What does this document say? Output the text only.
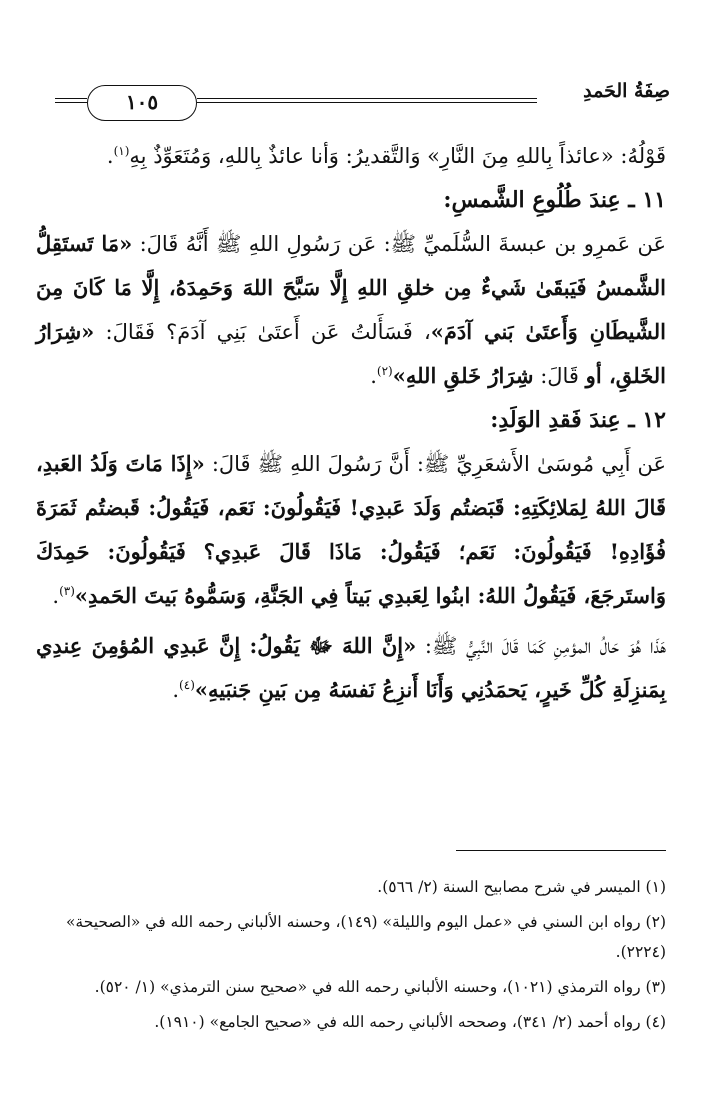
١٠٥	صِفَةُ الحَمدِ

قَوْلُهُ: «عائذاً بِاللهِ مِنَ النَّارِ» وَالتَّقديرُ: وَأنا عائذٌ بِاللهِ، وَمُتَعَوِّذٌ بِهِ$^{(١)}$.

١١ ـ عِندَ طُلُوعِ الشَّمسِ:

عَن عَمرِو بن عبسةَ السُّلَميِّ ﷺ: عَن رَسُولِ اللهِ ﷺ أَنَّهُ قَالَ: «مَا تَستَقِلُّ الشَّمسُ فَيَبقَىٰ شَيءٌ مِن خلقِ اللهِ إِلَّا سَبَّحَ اللهَ وَحَمِدَهُ، إِلَّا مَا كَانَ مِنَ الشَّيطَانِ وَأَعتَىٰ بَني آدَمَ»، فَسَأَلتُ عَن أَعتَىٰ بَنِي آدَمَ؟ فَقَالَ: «شِرَارُ الخَلقِ، أو قَالَ: شِرَارُ خَلقِ اللهِ»$^{(٢)}$.

١٢ ـ عِندَ فَقدِ الوَلَدِ:

عَن أَبِي مُوسَىٰ الأَشعَرِيِّ ﷺ: أَنَّ رَسُولَ اللهِ ﷺ قَالَ: «إِذَا مَاتَ وَلَدُ العَبدِ، قَالَ اللهُ لِمَلائِكَتِهِ: قَبَضتُم وَلَدَ عَبدِي! فَيَقُولُونَ: نَعَم، فَيَقُولُ: قَبضتُم ثَمَرَةَ فُؤَادِهِ! فَيَقُولُونَ: نَعَم؛ فَيَقُولُ: مَاذَا قَالَ عَبدِي؟ فَيَقُولُونَ: حَمِدَكَ وَاستَرجَعَ، فَيَقُولُ اللهُ: ابنُوا لِعَبدِي بَيتاً فِي الجَنَّةِ، وَسَمُّوهُ بَيتَ الحَمدِ»$^{(٣)}$.

هَذَا هُوَ حَالُ المؤمِنِ كَمَا قَالَ النَّبِيُّ ﷺ: «إِنَّ اللهَ ﷻ يَقُولُ: إِنَّ عَبدِي المُؤمِنَ عِندِي بِمَنزِلَةِ كُلِّ خَيرٍ، يَحمَدُنِي وَأَنَا أَنزِعُ نَفسَهُ مِن بَينِ جَنبَيهِ»$^{(٤)}$.

(١) الميسر في شرح مصابيح السنة (٢/ ٥٦٦).

(٢) رواه ابن السني في «عمل اليوم والليلة» (١٤٩)، وحسنه الألباني رحمه الله في «الصحيحة» (٢٢٢٤).

(٣) رواه الترمذي (١٠٢١)، وحسنه الألباني رحمه الله في «صحيح سنن الترمذي» (١/ ٥٢٠).

(٤) رواه أحمد (٢/ ٣٤١)، وصححه الألباني رحمه الله في «صحيح الجامع» (١٩١٠).
